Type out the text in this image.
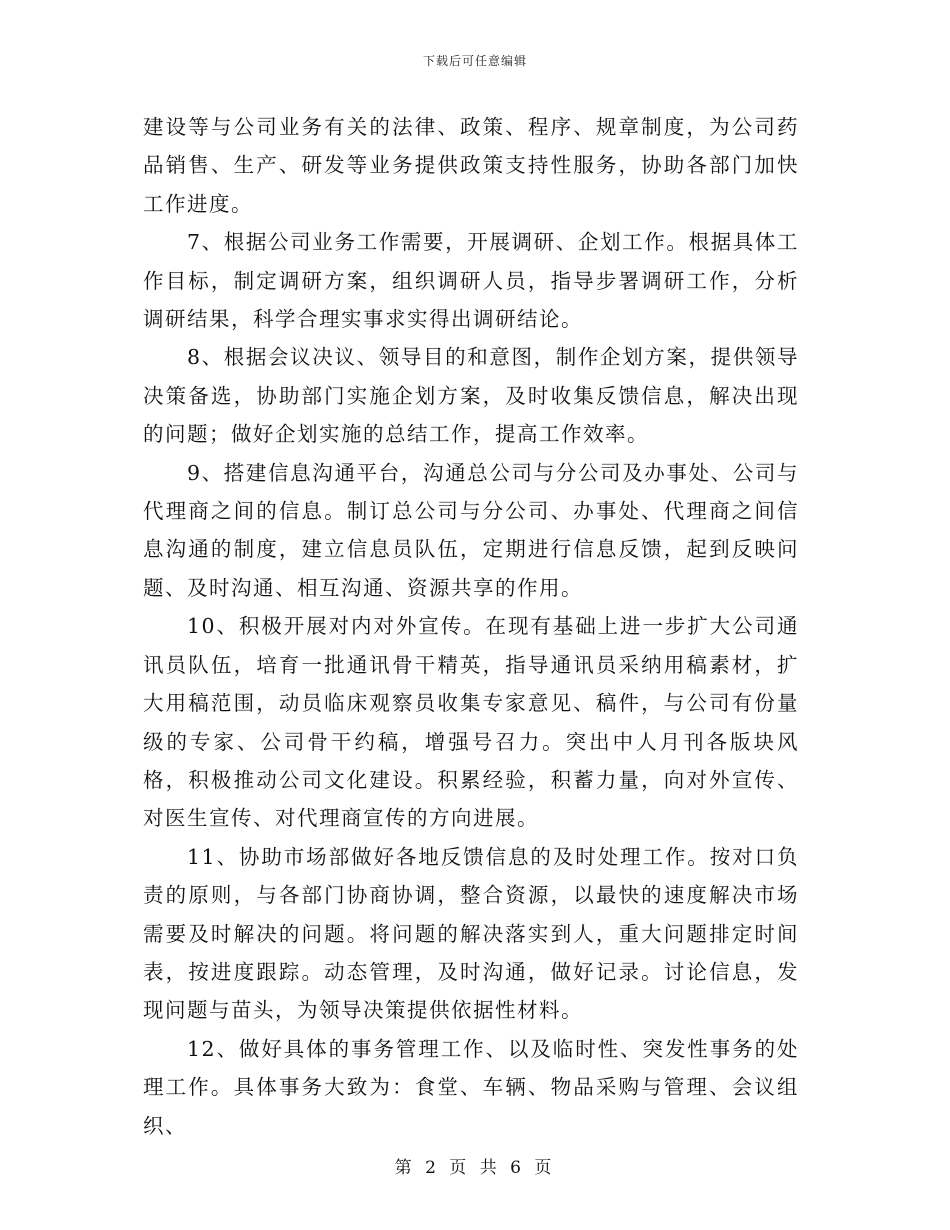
下载后可任意编辑

建设等与公司业务有关的法律、政策、程序、规章制度，为公司药品销售、生产、研发等业务提供政策支持性服务，协助各部门加快工作进度。

7、根据公司业务工作需要，开展调研、企划工作。根据具体工作目标，制定调研方案，组织调研人员，指导步署调研工作，分析调研结果，科学合理实事求实得出调研结论。

8、根据会议决议、领导目的和意图，制作企划方案，提供领导决策备选，协助部门实施企划方案，及时收集反馈信息，解决出现的问题；做好企划实施的总结工作，提高工作效率。

9、搭建信息沟通平台，沟通总公司与分公司及办事处、公司与代理商之间的信息。制订总公司与分公司、办事处、代理商之间信息沟通的制度，建立信息员队伍，定期进行信息反馈，起到反映问题、及时沟通、相互沟通、资源共享的作用。

10、积极开展对内对外宣传。在现有基础上进一步扩大公司通讯员队伍，培育一批通讯骨干精英，指导通讯员采纳用稿素材，扩大用稿范围，动员临床观察员收集专家意见、稿件，与公司有份量级的专家、公司骨干约稿，增强号召力。突出中人月刊各版块风格，积极推动公司文化建设。积累经验，积蓄力量，向对外宣传、对医生宣传、对代理商宣传的方向进展。

11、协助市场部做好各地反馈信息的及时处理工作。按对口负责的原则，与各部门协商协调，整合资源，以最快的速度解决市场需要及时解决的问题。将问题的解决落实到人，重大问题排定时间表，按进度跟踪。动态管理，及时沟通，做好记录。讨论信息，发现问题与苗头，为领导决策提供依据性材料。

12、做好具体的事务管理工作、以及临时性、突发性事务的处理工作。具体事务大致为：食堂、车辆、物品采购与管理、会议组织、

第 2 页 共 6 页
